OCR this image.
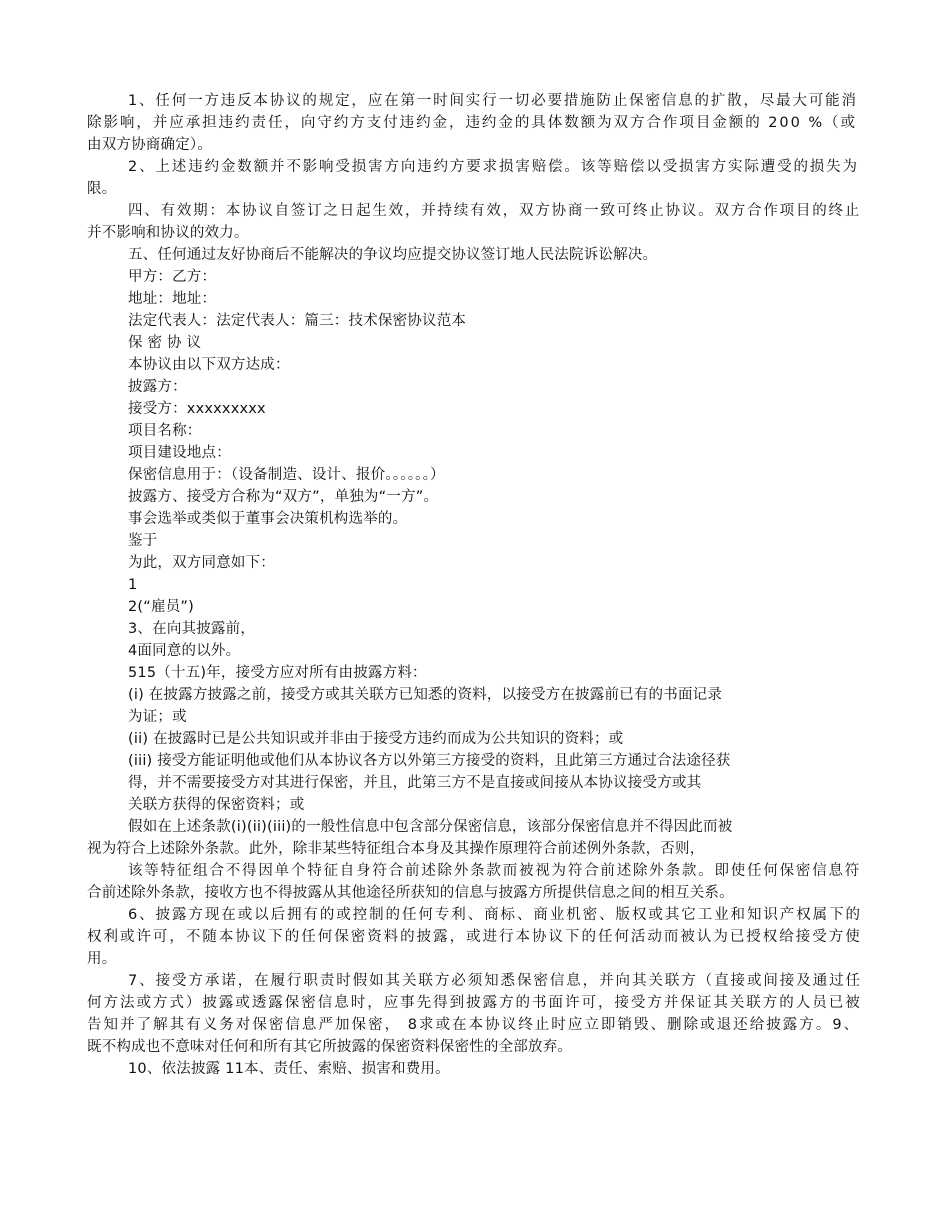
1、任何一方违反本协议的规定，应在第一时间实行一切必要措施防止保密信息的扩散，尽最大可能消
除影响，并应承担违约责任，向守约方支付违约金，违约金的具体数额为双方合作项目金额的 200 %（或
由双方协商确定）。
2、上述违约金数额并不影响受损害方向违约方要求损害赔偿。该等赔偿以受损害方实际遭受的损失为
限。
四、有效期：本协议自签订之日起生效，并持续有效，双方协商一致可终止协议。双方合作项目的终止
并不影响和协议的效力。
五、任何通过友好协商后不能解决的争议均应提交协议签订地人民法院诉讼解决。
甲方：乙方：
地址：地址：
法定代表人：法定代表人：篇三：技术保密协议范本
保 密 协 议
本协议由以下双方达成：
披露方：
接受方：xxxxxxxxx
项目名称：
项目建设地点：
保密信息用于：（设备制造、设计、报价。。。。。。）
披露方、接受方合称为“双方”，单独为“一方”。
事会选举或类似于董事会决策机构选举的。
鉴于
为此，双方同意如下：
1
2(“雇员”)
3、在向其披露前，
4面同意的以外。
515（十五)年，接受方应对所有由披露方料：
(i) 在披露方披露之前，接受方或其关联方已知悉的资料，以接受方在披露前已有的书面记录
为证；或
(ii) 在披露时已是公共知识或并非由于接受方违约而成为公共知识的资料；或
(iii) 接受方能证明他或他们从本协议各方以外第三方接受的资料，且此第三方通过合法途径获
得，并不需要接受方对其进行保密，并且，此第三方不是直接或间接从本协议接受方或其
关联方获得的保密资料；或
假如在上述条款(i)(ii)(iii)的一般性信息中包含部分保密信息，该部分保密信息并不得因此而被
视为符合上述除外条款。此外，除非某些特征组合本身及其操作原理符合前述例外条款，否则，
该等特征组合不得因单个特征自身符合前述除外条款而被视为符合前述除外条款。即使任何保密信息符
合前述除外条款，接收方也不得披露从其他途径所获知的信息与披露方所提供信息之间的相互关系。
6、披露方现在或以后拥有的或控制的任何专利、商标、商业机密、版权或其它工业和知识产权属下的
权利或许可，不随本协议下的任何保密资料的披露，或进行本协议下的任何活动而被认为已授权给接受方使
用。
7、接受方承诺，在履行职责时假如其关联方必须知悉保密信息，并向其关联方（直接或间接及通过任
何方法或方式）披露或透露保密信息时，应事先得到披露方的书面许可，接受方并保证其关联方的人员已被
告知并了解其有义务对保密信息严加保密， 8求或在本协议终止时应立即销毁、删除或退还给披露方。9、
既不构成也不意味对任何和所有其它所披露的保密资料保密性的全部放弃。
10、依法披露 11本、责任、索赔、损害和费用。
